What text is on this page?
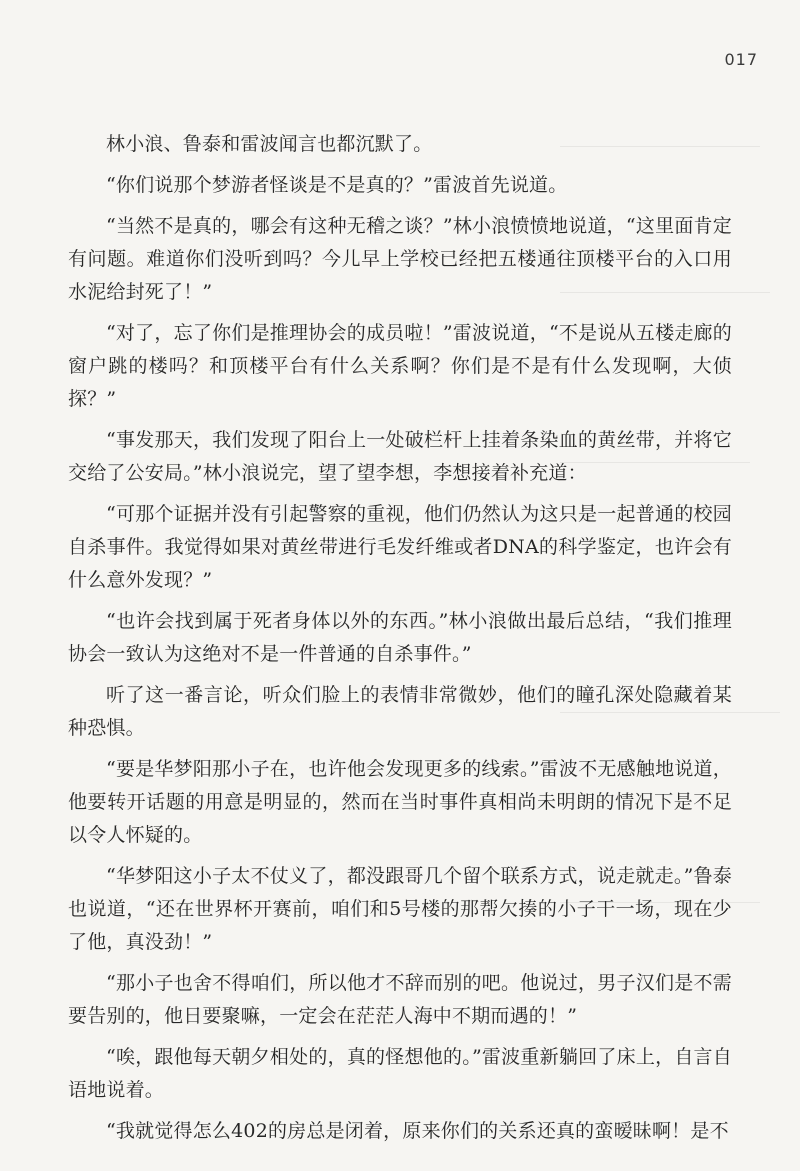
017

林小浪、鲁泰和雷波闻言也都沉默了。

“你们说那个梦游者怪谈是不是真的？”雷波首先说道。

“当然不是真的，哪会有这种无稽之谈？”林小浪愤愤地说道，“这里面肯定有问题。难道你们没听到吗？今儿早上学校已经把五楼通往顶楼平台的入口用水泥给封死了！”

“对了，忘了你们是推理协会的成员啦！”雷波说道，“不是说从五楼走廊的窗户跳的楼吗？和顶楼平台有什么关系啊？你们是不是有什么发现啊，大侦探？”

“事发那天，我们发现了阳台上一处破栏杆上挂着条染血的黄丝带，并将它交给了公安局。”林小浪说完，望了望李想，李想接着补充道：

“可那个证据并没有引起警察的重视，他们仍然认为这只是一起普通的校园自杀事件。我觉得如果对黄丝带进行毛发纤维或者DNA的科学鉴定，也许会有什么意外发现？”

“也许会找到属于死者身体以外的东西。”林小浪做出最后总结，“我们推理协会一致认为这绝对不是一件普通的自杀事件。”

听了这一番言论，听众们脸上的表情非常微妙，他们的瞳孔深处隐藏着某种恐惧。

“要是华梦阳那小子在，也许他会发现更多的线索。”雷波不无感触地说道，他要转开话题的用意是明显的，然而在当时事件真相尚未明朗的情况下是不足以令人怀疑的。

“华梦阳这小子太不仗义了，都没跟哥几个留个联系方式，说走就走。”鲁泰也说道，“还在世界杯开赛前，咱们和5号楼的那帮欠揍的小子干一场，现在少了他，真没劲！”

“那小子也舍不得咱们，所以他才不辞而别的吧。他说过，男子汉们是不需要告别的，他日要聚嘛，一定会在茫茫人海中不期而遇的！”

“唉，跟他每天朝夕相处的，真的怪想他的。”雷波重新躺回了床上，自言自语地说着。

“我就觉得怎么402的房总是闭着，原来你们的关系还真的蛮暧昧啊！是不
